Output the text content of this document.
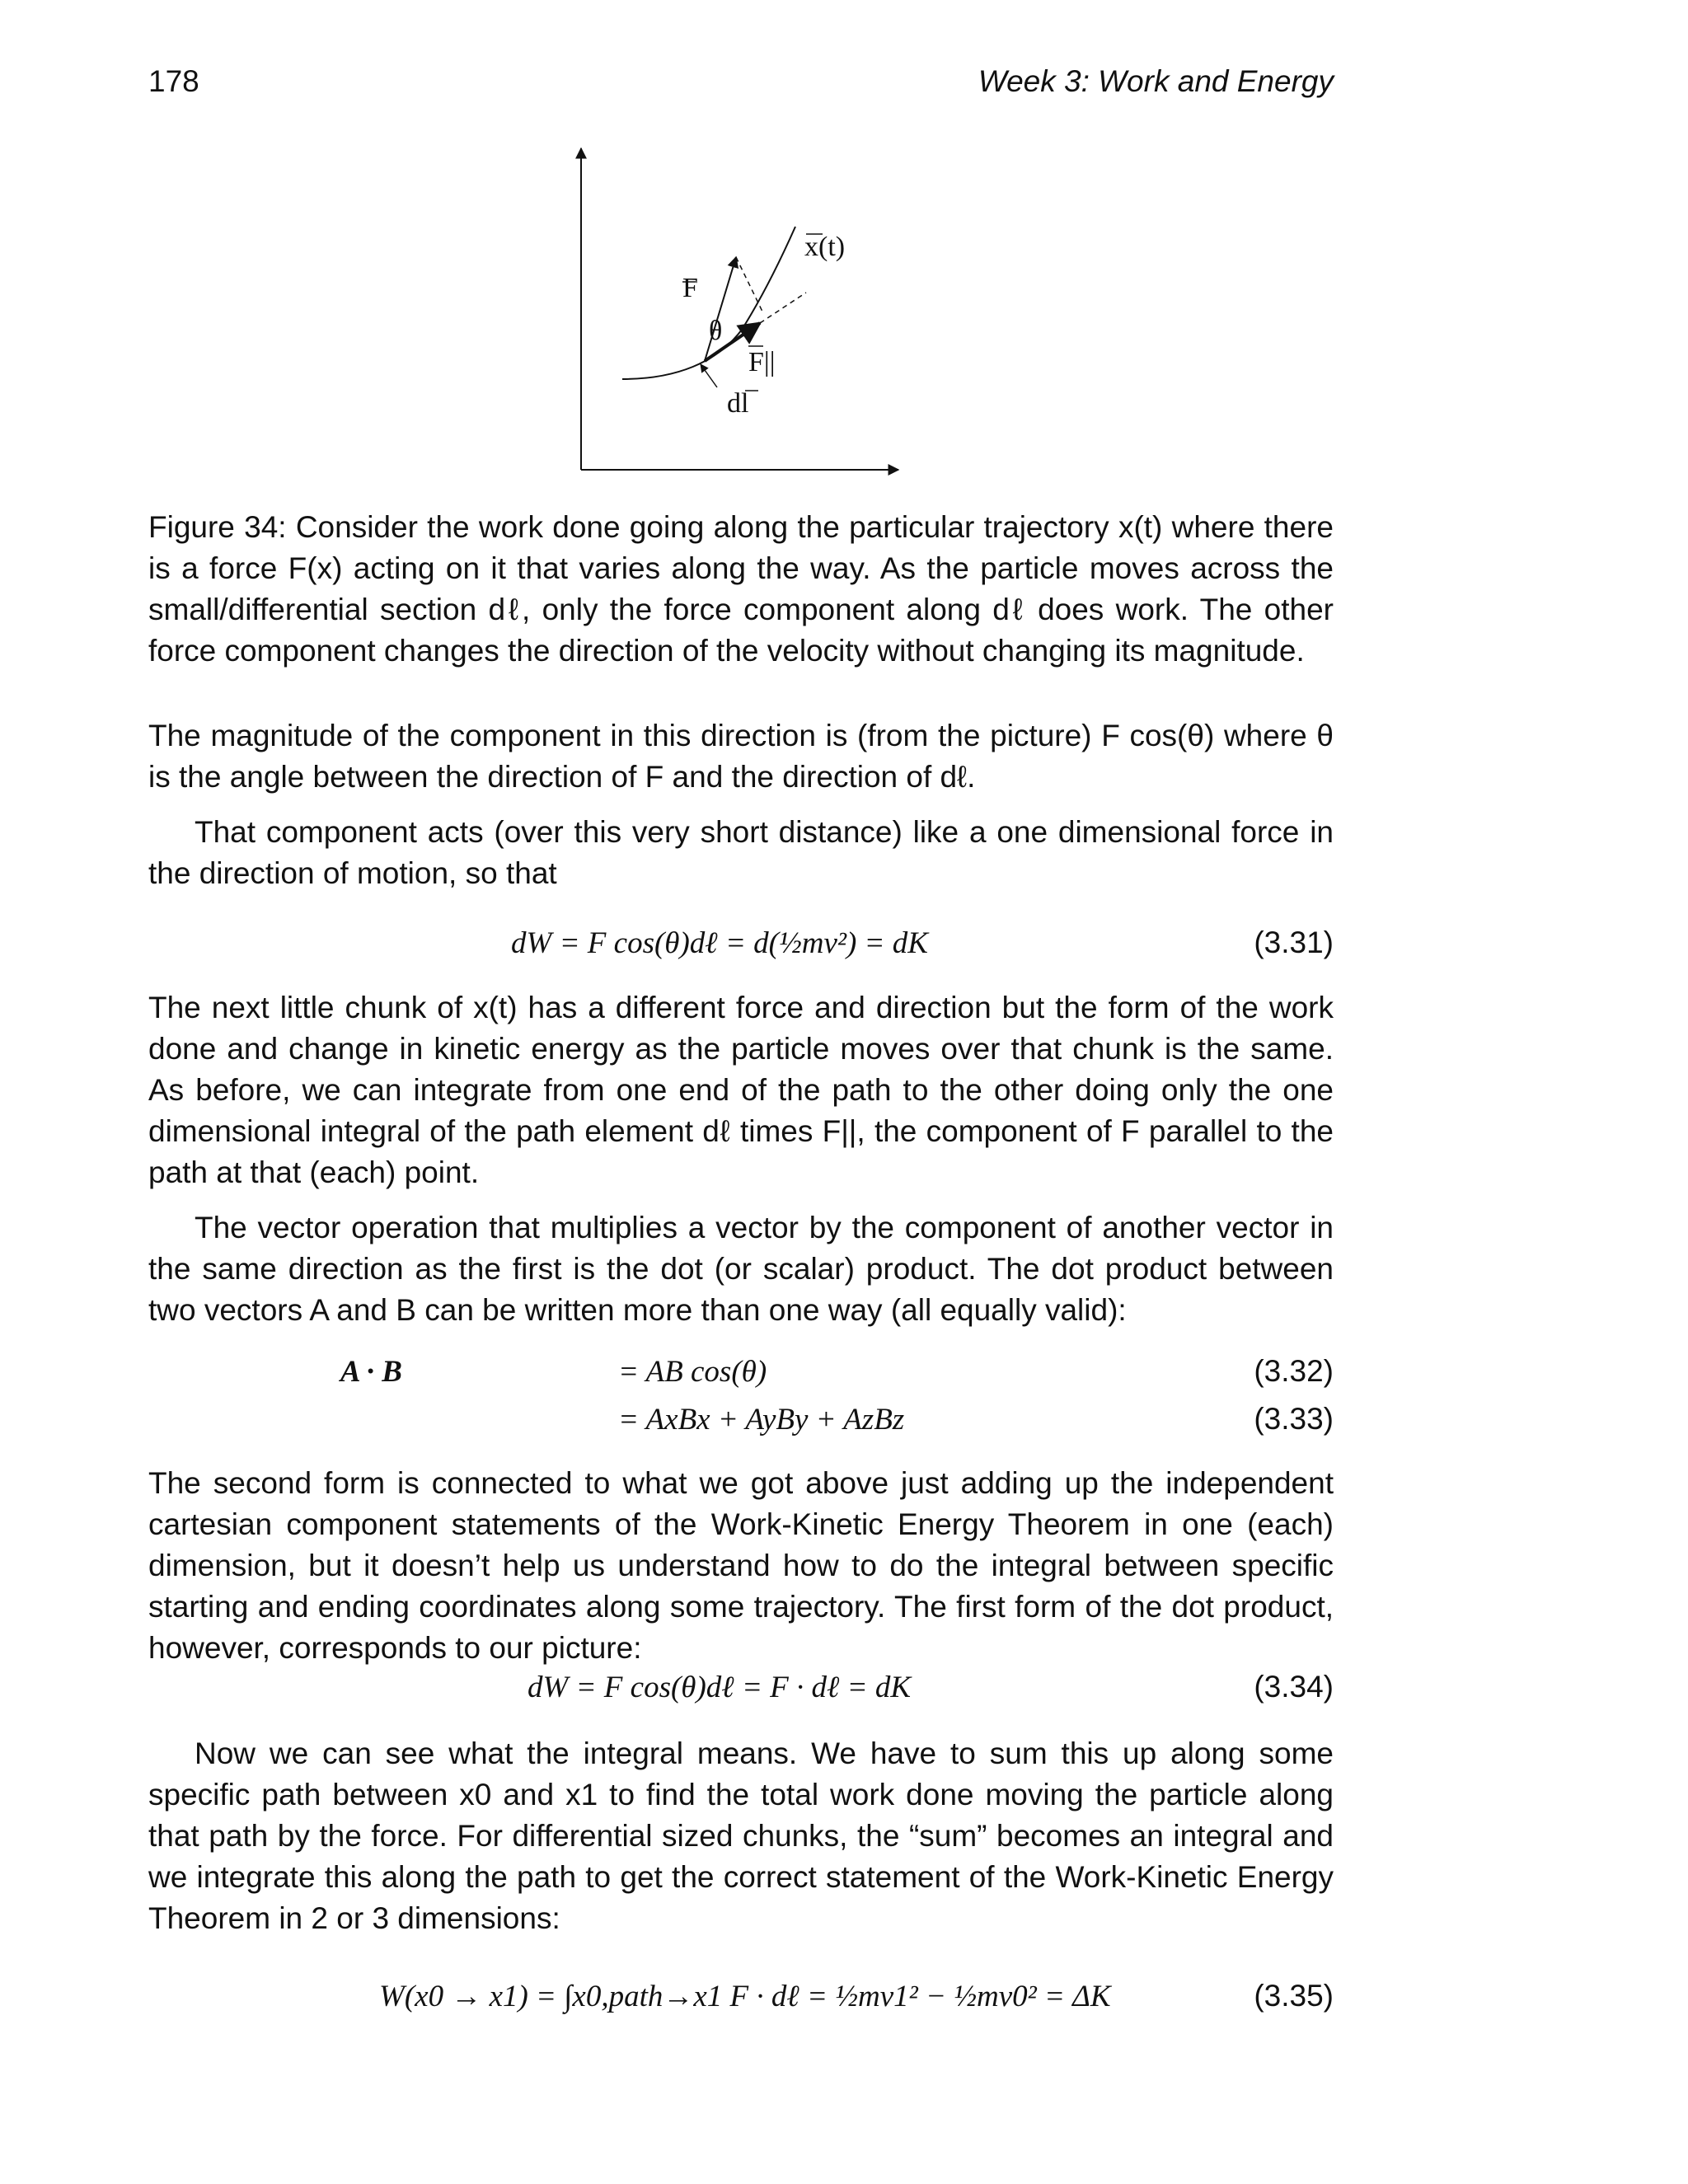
178	Week 3: Work and Energy
F
θ
x(t)
F||
dl

Figure 34: Consider the work done going along the particular trajectory x(t) where there is a force F(x) acting on it that varies along the way. As the particle moves across the small/differential section dℓ, only the force component along dℓ does work. The other force component changes the direction of the velocity without changing its magnitude.

The magnitude of the component in this direction is (from the picture) F cos(θ) where θ is the angle between the direction of F and the direction of dℓ.

That component acts (over this very short distance) like a one dimensional force in the direction of motion, so that

dW = F cos(θ)dℓ = d(½mv²) = dK	(3.31)

The next little chunk of x(t) has a different force and direction but the form of the work done and change in kinetic energy as the particle moves over that chunk is the same. As before, we can integrate from one end of the path to the other doing only the one dimensional integral of the path element dℓ times F||, the component of F parallel to the path at that (each) point.

The vector operation that multiplies a vector by the component of another vector in the same direction as the first is the dot (or scalar) product. The dot product between two vectors A and B can be written more than one way (all equally valid):

A · B	= AB cos(θ)	(3.32)
= AxBx + AyBy + AzBz	(3.33)

The second form is connected to what we got above just adding up the independent cartesian component statements of the Work-Kinetic Energy Theorem in one (each) dimension, but it doesn’t help us understand how to do the integral between specific starting and ending coordinates along some trajectory. The first form of the dot product, however, corresponds to our picture:

dW = F cos(θ)dℓ = F · dℓ = dK	(3.34)

Now we can see what the integral means. We have to sum this up along some specific path between x0 and x1 to find the total work done moving the particle along that path by the force. For differential sized chunks, the “sum” becomes an integral and we integrate this along the path to get the correct statement of the Work-Kinetic Energy Theorem in 2 or 3 dimensions:

W(x0 → x1) = ∫x0,path→x1 F · dℓ = ½mv1² − ½mv0² = ΔK	(3.35)
